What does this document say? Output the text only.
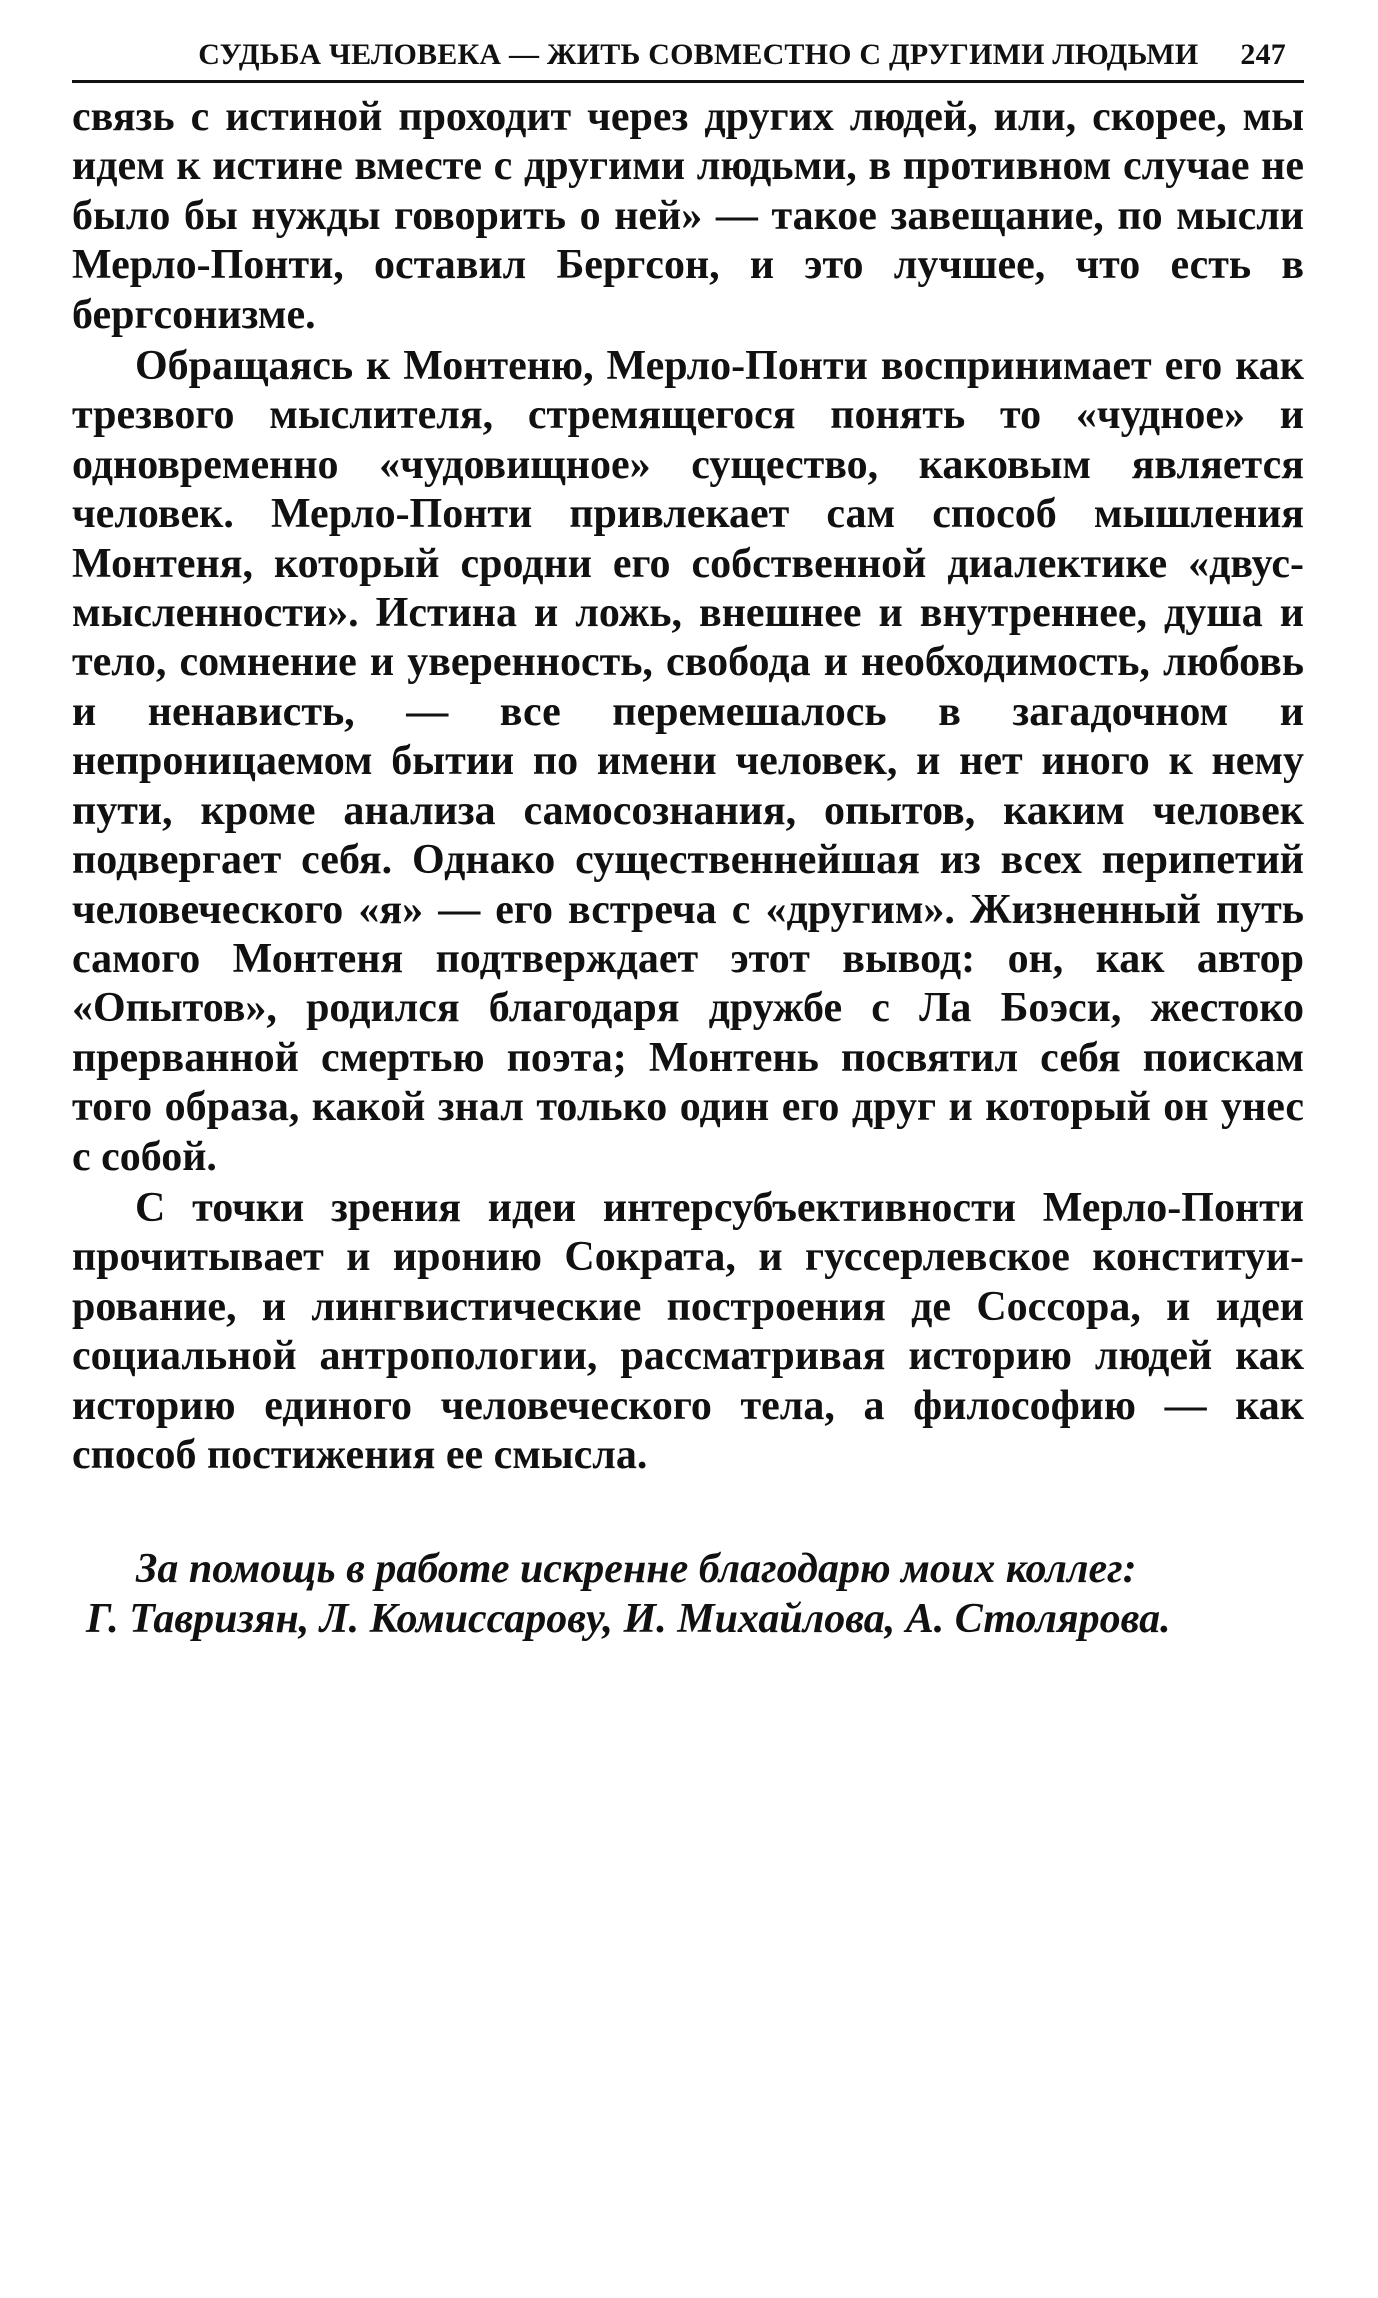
СУДЬБА ЧЕЛОВЕКА — ЖИТЬ СОВМЕСТНО С ДРУГИМИ ЛЮДЬМИ 247

связь с истиной проходит через других людей, или, скорее, мы идем к истине вместе с другими людьми, в противном случае не было бы нужды говорить о ней» — такое завещание, по мысли Мерло-Понти, оставил Бергсон, и это лучшее, что есть в бергсонизме.

Обращаясь к Монтеню, Мерло-Понти воспринимает его как трезвого мыслителя, стремящегося понять то «чудное» и одновременно «чудовищное» существо, каковым является человек. Мерло-Понти привлекает сам способ мышления Монтеня, который сродни его собственной диалектике «двусмысленности». Истина и ложь, внешнее и внутреннее, душа и тело, сомнение и уверенность, свобода и необходимость, любовь и ненависть, — все перемешалось в загадочном и непроницаемом бытии по имени человек, и нет иного к нему пути, кроме анализа самосознания, опытов, каким человек подвергает себя. Однако существеннейшая из всех перипетий человеческого «я» — его встреча с «другим». Жизненный путь самого Монтеня подтверждает этот вывод: он, как автор «Опытов», родился благодаря дружбе с Ла Боэси, жестоко прерванной смертью поэта; Монтень посвятил себя поискам того образа, какой знал только один его друг и который он унес с собой.

С точки зрения идеи интерсубъективности Мерло-Понти прочитывает и иронию Сократа, и гуссерлевское конституирование, и лингвистические построения де Соссора, и идеи социальной антропологии, рассматривая историю людей как историю единого человеческого тела, а философию — как способ постижения ее смысла.

За помощь в работе искренне благодарю моих коллег:
Г. Тавризян, Л. Комиссарову, И. Михайлова, А. Столярова.
